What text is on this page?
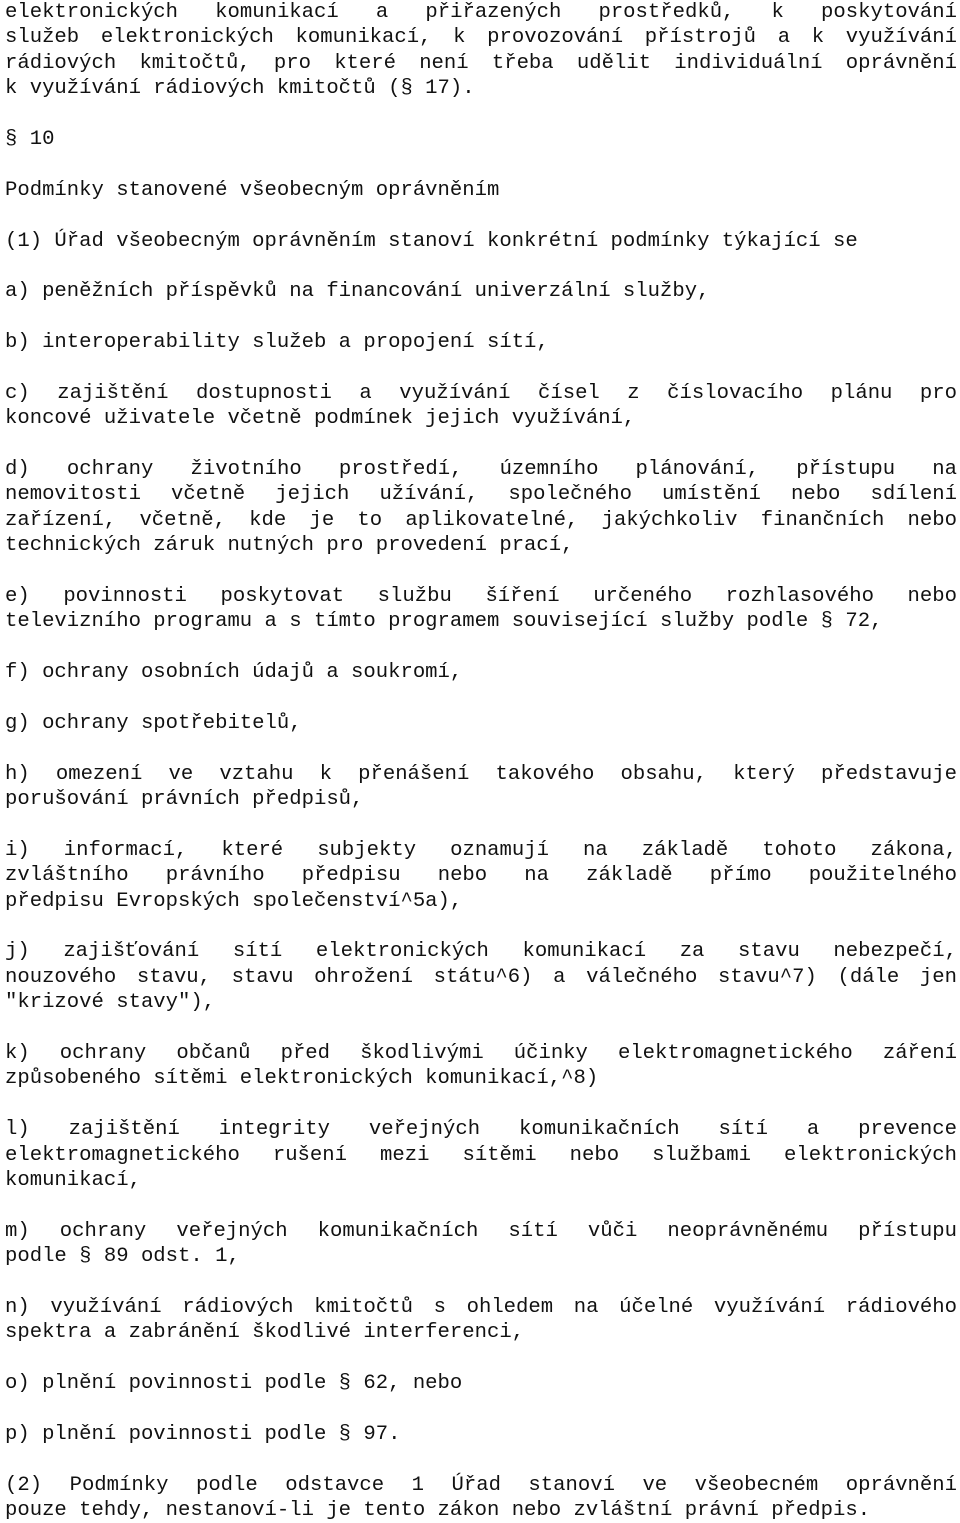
elektronických komunikací a přiřazených prostředků, k poskytování
služeb elektronických komunikací, k provozování přístrojů a k využívání
rádiových kmitočtů, pro které není třeba udělit individuální oprávnění
k využívání rádiových kmitočtů (§ 17).
§ 10
Podmínky stanovené všeobecným oprávněním
(1) Úřad všeobecným oprávněním stanoví konkrétní podmínky týkající se
a) peněžních příspěvků na financování univerzální služby,
b) interoperability služeb a propojení sítí,
c) zajištění dostupnosti a využívání čísel z číslovacího plánu pro
koncové uživatele včetně podmínek jejich využívání,
d) ochrany životního prostředí, územního plánování, přístupu na
nemovitosti včetně jejich užívání, společného umístění nebo sdílení
zařízení, včetně, kde je to aplikovatelné, jakýchkoliv finančních nebo
technických záruk nutných pro provedení prací,
e) povinnosti poskytovat službu šíření určeného rozhlasového nebo
televizního programu a s tímto programem související služby podle § 72,
f) ochrany osobních údajů a soukromí,
g) ochrany spotřebitelů,
h) omezení ve vztahu k přenášení takového obsahu, který představuje
porušování právních předpisů,
i) informací, které subjekty oznamují na základě tohoto zákona,
zvláštního právního předpisu nebo na základě přímo použitelného
předpisu Evropských společenství^5a),
j) zajišťování sítí elektronických komunikací za stavu nebezpečí,
nouzového stavu, stavu ohrožení státu^6) a válečného stavu^7) (dále jen
"krizové stavy"),
k) ochrany občanů před škodlivými účinky elektromagnetického záření
způsobeného sítěmi elektronických komunikací,^8)
l) zajištění integrity veřejných komunikačních sítí a prevence
elektromagnetického rušení mezi sítěmi nebo službami elektronických
komunikací,
m) ochrany veřejných komunikačních sítí vůči neoprávněnému přístupu
podle § 89 odst. 1,
n) využívání rádiových kmitočtů s ohledem na účelné využívání rádiového
spektra a zabránění škodlivé interferenci,
o) plnění povinnosti podle § 62, nebo
p) plnění povinnosti podle § 97.
(2) Podmínky podle odstavce 1 Úřad stanoví ve všeobecném oprávnění
pouze tehdy, nestanoví-li je tento zákon nebo zvláštní právní předpis.
